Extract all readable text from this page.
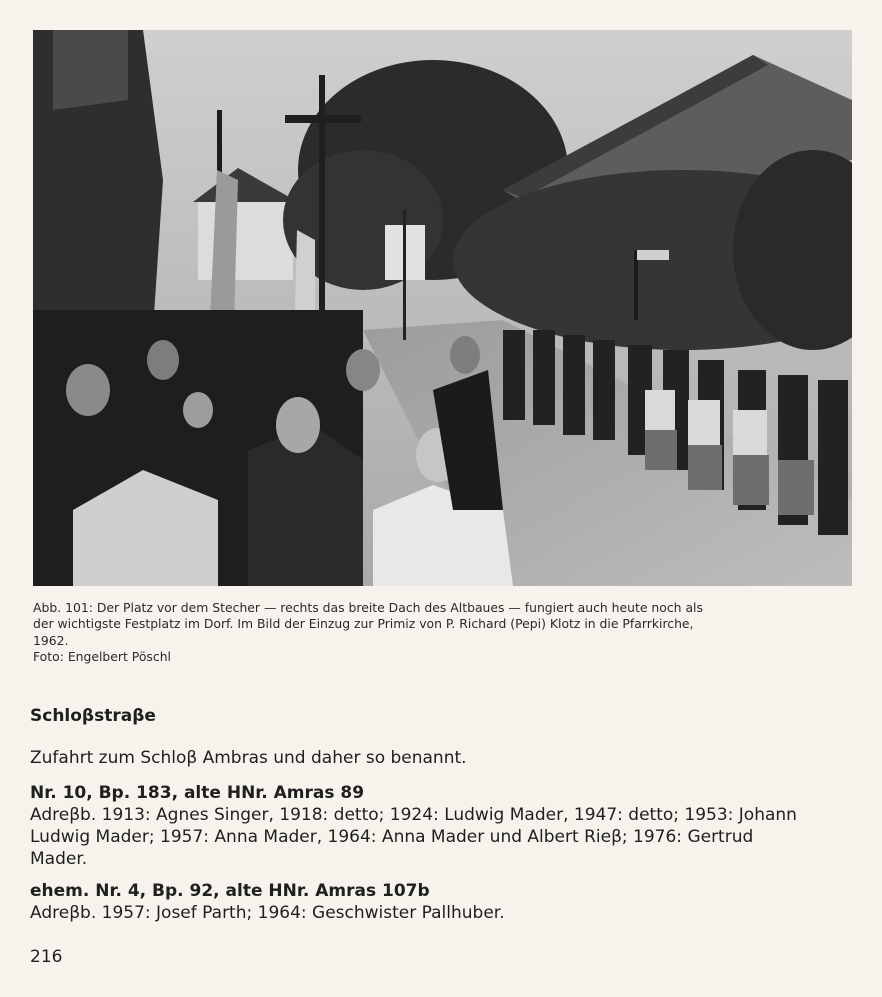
Abb. 101: Der Platz vor dem Stecher — rechts das breite Dach des Altbaues — fungiert auch heute noch als

der wichtigste Festplatz im Dorf. Im Bild der Einzug zur Primiz von P. Richard (Pepi) Klotz in die Pfarrkirche,

1962.

Foto: Engelbert Pöschl

Schloβstraβe

Zufahrt zum Schloβ Ambras und daher so benannt.

Nr. 10, Bp. 183, alte HNr. Amras 89

Adreβb. 1913: Agnes Singer, 1918: detto; 1924: Ludwig Mader, 1947: detto; 1953: Johann

Ludwig Mader; 1957: Anna Mader, 1964: Anna Mader und Albert Rieβ; 1976: Gertrud

Mader.

ehem. Nr. 4, Bp. 92, alte HNr. Amras 107b

Adreβb. 1957: Josef Parth; 1964: Geschwister Pallhuber.

216
